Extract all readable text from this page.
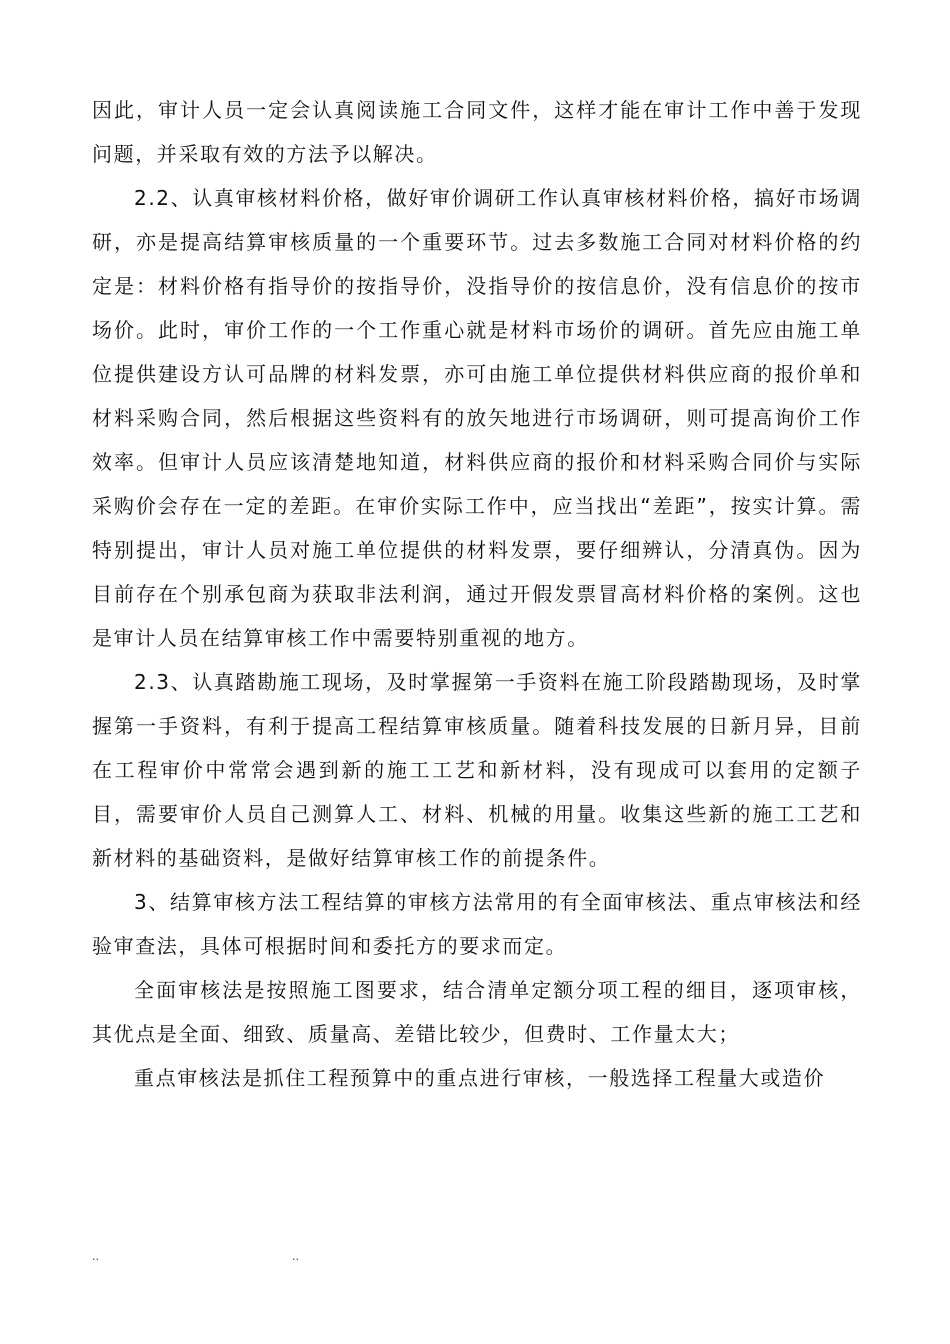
因此，审计人员一定会认真阅读施工合同文件，这样才能在审计工作中善于发现问题，并采取有效的方法予以解决。

2.2、认真审核材料价格，做好审价调研工作认真审核材料价格，搞好市场调研，亦是提高结算审核质量的一个重要环节。过去多数施工合同对材料价格的约定是：材料价格有指导价的按指导价，没指导价的按信息价，没有信息价的按市场价。此时，审价工作的一个工作重心就是材料市场价的调研。首先应由施工单位提供建设方认可品牌的材料发票，亦可由施工单位提供材料供应商的报价单和材料采购合同，然后根据这些资料有的放矢地进行市场调研，则可提高询价工作效率。但审计人员应该清楚地知道，材料供应商的报价和材料采购合同价与实际采购价会存在一定的差距。在审价实际工作中，应当找出“差距”，按实计算。需特别提出，审计人员对施工单位提供的材料发票，要仔细辨认，分清真伪。因为目前存在个别承包商为获取非法利润，通过开假发票冒高材料价格的案例。这也是审计人员在结算审核工作中需要特别重视的地方。

2.3、认真踏勘施工现场，及时掌握第一手资料在施工阶段踏勘现场，及时掌握第一手资料，有利于提高工程结算审核质量。随着科技发展的日新月异，目前在工程审价中常常会遇到新的施工工艺和新材料，没有现成可以套用的定额子目，需要审价人员自己测算人工、材料、机械的用量。收集这些新的施工工艺和新材料的基础资料，是做好结算审核工作的前提条件。

3、结算审核方法工程结算的审核方法常用的有全面审核法、重点审核法和经验审查法，具体可根据时间和委托方的要求而定。

全面审核法是按照施工图要求，结合清单定额分项工程的细目，逐项审核，其优点是全面、细致、质量高、差错比较少，但费时、工作量太大；

重点审核法是抓住工程预算中的重点进行审核，一般选择工程量大或造价

..	..
